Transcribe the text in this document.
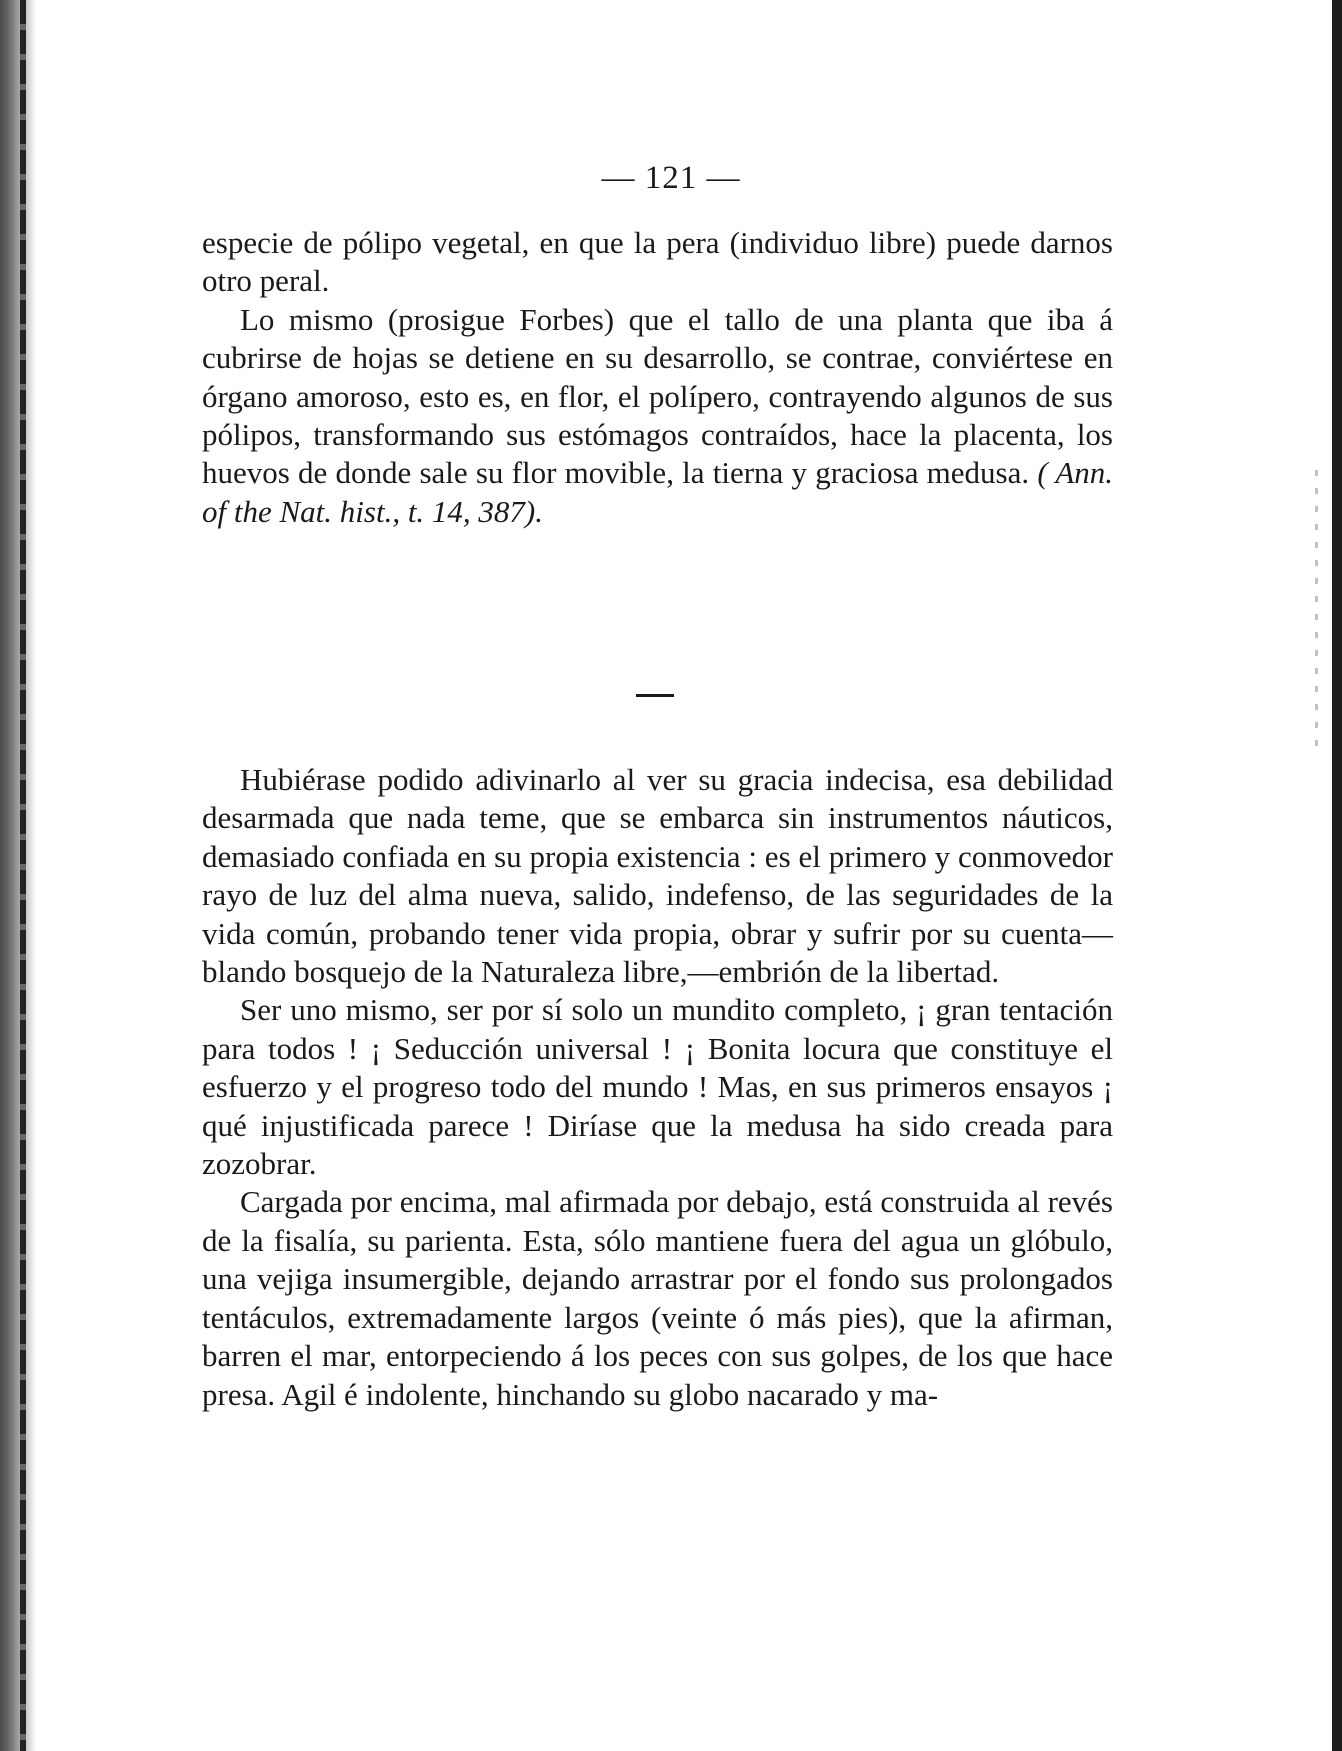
— 121 —

especie de pólipo vegetal, en que la pera (individuo libre) puede darnos otro peral.

Lo mismo (prosigue Forbes) que el tallo de una planta que iba á cubrirse de hojas se detiene en su desarrollo, se contrae, conviértese en órgano amoroso, esto es, en flor, el polípero, contrayendo algunos de sus pólipos, transformando sus estómagos contraídos, hace la placenta, los huevos de donde sale su flor movible, la tierna y graciosa medusa. ( Ann. of the Nat. hist., t. 14, 387).

Hubiérase podido adivinarlo al ver su gracia indecisa, esa debilidad desarmada que nada teme, que se embarca sin instrumentos náuticos, demasiado confiada en su propia existencia : es el primero y conmovedor rayo de luz del alma nueva, salido, indefenso, de las seguridades de la vida común, probando tener vida propia, obrar y sufrir por su cuenta—blando bosquejo de la Naturaleza libre,—embrión de la libertad.

Ser uno mismo, ser por sí solo un mundito completo, ¡ gran tentación para todos ! ¡ Seducción universal ! ¡ Bonita locura que constituye el esfuerzo y el progreso todo del mundo ! Mas, en sus primeros ensayos ¡ qué injustificada parece ! Diríase que la medusa ha sido creada para zozobrar.

Cargada por encima, mal afirmada por debajo, está construida al revés de la fisalía, su parienta. Esta, sólo mantiene fuera del agua un glóbulo, una vejiga insumergible, dejando arrastrar por el fondo sus prolongados tentáculos, extremadamente largos (veinte ó más pies), que la afirman, barren el mar, entorpeciendo á los peces con sus golpes, de los que hace presa. Agil é indolente, hinchando su globo nacarado y ma-
